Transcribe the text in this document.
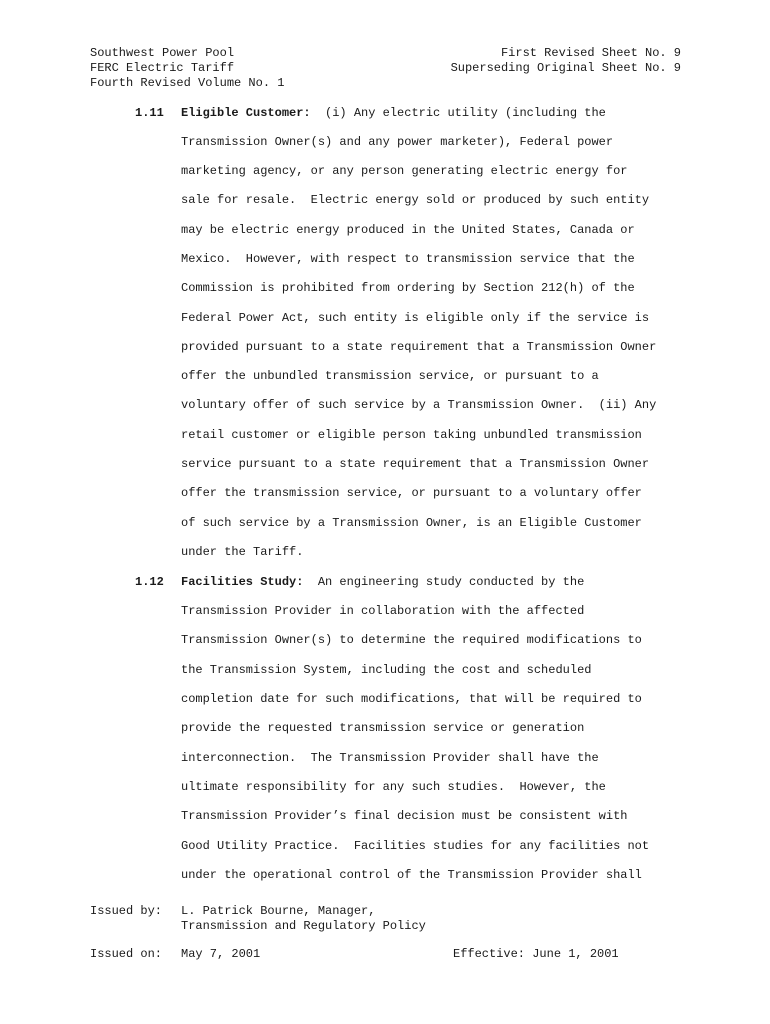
Southwest Power Pool
FERC Electric Tariff
Fourth Revised Volume No. 1
First Revised Sheet No. 9
Superseding Original Sheet No. 9
1.11 Eligible Customer:  (i) Any electric utility (including the
Transmission Owner(s) and any power marketer), Federal power
marketing agency, or any person generating electric energy for
sale for resale.  Electric energy sold or produced by such entity
may be electric energy produced in the United States, Canada or
Mexico.  However, with respect to transmission service that the
Commission is prohibited from ordering by Section 212(h) of the
Federal Power Act, such entity is eligible only if the service is
provided pursuant to a state requirement that a Transmission Owner
offer the unbundled transmission service, or pursuant to a
voluntary offer of such service by a Transmission Owner.  (ii) Any
retail customer or eligible person taking unbundled transmission
service pursuant to a state requirement that a Transmission Owner
offer the transmission service, or pursuant to a voluntary offer
of such service by a Transmission Owner, is an Eligible Customer
under the Tariff.
1.12 Facilities Study:  An engineering study conducted by the
Transmission Provider in collaboration with the affected
Transmission Owner(s) to determine the required modifications to
the Transmission System, including the cost and scheduled
completion date for such modifications, that will be required to
provide the requested transmission service or generation
interconnection.  The Transmission Provider shall have the
ultimate responsibility for any such studies.  However, the
Transmission Provider’s final decision must be consistent with
Good Utility Practice.  Facilities studies for any facilities not
under the operational control of the Transmission Provider shall
Issued by: L. Patrick Bourne, Manager,
Transmission and Regulatory Policy
Issued on: May 7, 2001	Effective: June 1, 2001
